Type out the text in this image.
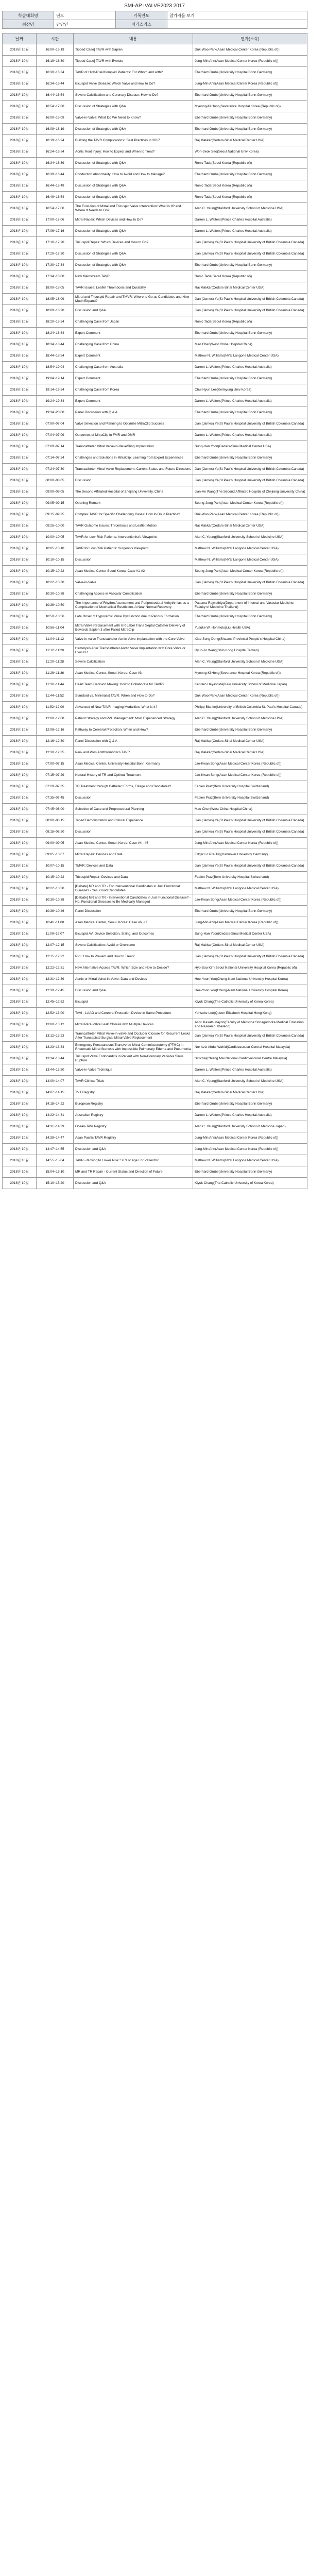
SMI-AP IVALVE2023 2017
학술대회명	년도	기록연도	참가자를 보기
최장명	담당인	어리스리스	
날짜	시간	내용	연자(소속)
2018년 10월	16:00~16:19	Tipped Case] TAVR with Sapien	Duk-Woo Park(Asan Medical Center Korea (Republic of))
2018년 10월	16:19~16:30	Tipped Case] TAVR with Evolute	Jung-Min Ahn(Asan Medical Center Korea (Republic of))
2018년 10월	16:30~16:34	TAVR of High-Risk/Complex Patients: For Whom and with?	Eberhard Grube(University Hospital Bonn Germany)
2018년 10월	16:34~16:44	Bicuspid Valve Disease: Which Valve and How to Do?	Jung-Min Ahn(Asan Medical Center Korea (Republic of))
2018년 10월	16:44~16:54	Severe Calcification and Coronary Disease: How to Do?	Eberhard Grube(University Hospital Bonn Germany)
2018년 10월	16:54~17:00	Discussion of Strategies with Q&A	Myeong-Ki Hong(Severance Hospital Korea (Republic of))
2018년 10월	16:00~16:09	Valve-in-Valve: What Do We Need to Know?	Eberhard Grube(University Hospital Bonn Germany)
2018년 10월	16:09~16:19	Discussion of Strategies with Q&A	Eberhard Grube(University Hospital Bonn Germany)
2018년 10월	16:19~16:24	Building the TAVR Complications: 'Best Practices in 2017'	Raj Makkar(Cedars-Sinai Medical Center USA)
2018년 10월	16:24~16:34	Aortic Root Injury: How to Expect and When to Treat?	Won-Seok Seo(Seoul National Univ Korea)
2018년 10월	16:34~16:39	Discussion of Strategies with Q&A	Ronic Tada(Seoul Korea (Republic of))
2018년 10월	16:39~16:44	Conduction Abnormality: How to Avoid and How to Manage?	Eberhard Grube(University Hospital Bonn Germany)
2018년 10월	16:44~16:49	Discussion of Strategies with Q&A	Ronic Tada(Seoul Korea (Republic of))
2018년 10월	16:49~16:54	Discussion of Strategies with Q&A	Ronic Tada(Seoul Korea (Republic of))
2018년 10월	16:54~17:00	The Evolution of Mitral and Tricuspid Valve Intervention: What is It? and Where It Needs to Go?	Alan C. Yeung(Stanford University School of Medicine USA)
2018년 10월	17:00~17:06	Mitral Repair: Which Devices and How to Do?	Darren L. Walters(Prince Charles Hospital Australia)
2018년 10월	17:06~17:16	Discussion of Strategies with Q&A	Darren L. Walters(Prince Charles Hospital Australia)
2018년 10월	17:16~17:20	Tricuspid Repair: Which Devices and How to Do?	Jian (James) Ye(St Paul's Hospital University of British Columbia Canada)
2018년 10월	17:20~17:30	Discussion of Strategies with Q&A	Jian (James) Ye(St Paul's Hospital University of British Columbia Canada)
2018년 10월	17:30~17:34	Discussion of Strategies with Q&A	Eberhard Grube(University Hospital Bonn Germany)
2018년 10월	17:34~18:00	New Mainstream TAVR	Ronic Tada(Seoul Korea (Republic of))
2018년 10월	18:00~18:05	TAVR Issues: Leaflet Thrombosis and Durability	Raj Makkar(Cedars-Sinai Medical Center USA)
2018년 10월	18:05~18:09	Mitral and Tricuspid Repair and TMVR: Where to Go as Candidates and How Much Expand?	Jian (James) Ye(St Paul's Hospital University of British Columbia Canada)
2018년 10월	18:09~18:20	Discussion and Q&A	Jian (James) Ye(St Paul's Hospital University of British Columbia Canada)
2018년 10월	18:20~18:24	Challenging Case from Japan	Ronic Tada(Seoul Korea (Republic of))
2018년 10월	18:24~18:34	Expert Comment	Eberhard Grube(University Hospital Bonn Germany)
2018년 10월	18:34~18:44	Challenging Case from China	Mao Chen(West China Hospital China)
2018년 10월	18:44~18:54	Expert Comment	Mathew N. Williams(NYU Langone Medical Center USA)
2018년 10월	18:54~19:04	Challenging Case from Australia	Darren L. Walters(Prince Charles Hospital Australia)
2018년 10월	19:04~19:14	Expert Comment	Eberhard Grube(University Hospital Bonn Germany)
2018년 10월	19:14~19:24	Challenging Case from Korea	Chul Hyun Lee(Keimyung Univ Korea)
2018년 10월	19:24~19:34	Expert Comment	Darren L. Walters(Prince Charles Hospital Australia)
2018년 10월	19:34~20:00	Panel Discussion with Q & A	Eberhard Grube(University Hospital Bonn Germany)
2018년 10월	07:00~07:04	Valve Selection and Planning to Optimize MitraClip Success	Jian (James) Ye(St Paul's Hospital University of British Columbia Canada)
2018년 10월	07:04~07:09	Outcomes of MitraClip in FMR and DMR	Darren L. Walters(Prince Charles Hospital Australia)
2018년 10월	07:09~07:14	Transcatheter Mitral Valve-in-Valve/Ring Implantation	Sung-Han Yoon(Cedars-Sinai Medical Center USA)
2018년 10월	07:14~07:24	Challenges and Solutions in MitraClip: Learning from Expert Experiences	Eberhard Grube(University Hospital Bonn Germany)
2018년 10월	07:24~07:30	Transcatheter Mitral Valve Replacement: Current Status and Future Directions	Jian (James) Ye(St Paul's Hospital University of British Columbia Canada)
2018년 10월	08:00~08:05	Discussion	Jian (James) Ye(St Paul's Hospital University of British Columbia Canada)
2018년 10월	09:00~09:05	The Second Affiliated Hospital of Zhejiang University, China	Jian-An Wang(The Second Affiliated Hospital of Zhejiang University China)
2018년 10월	09:05~09:15	Opening Remark	Seung-Jung Park(Asan Medical Center Korea (Republic of))
2018년 10월	09:15~09:25	Complex TAVR for Specific Challenging Cases: How to Do in Practice?	Duk-Woo Park(Asan Medical Center Korea (Republic of))
2018년 10월	09:25~10:00	TAVR Outcome Issues: Thrombosis and Leaflet Motion	Raj Makkar(Cedars-Sinai Medical Center USA)
2018년 10월	10:00~10:05	TAVR for Low-Risk Patients: Interventionist's Viewpoint	Alan C. Yeung(Stanford University School of Medicine USA)
2018년 10월	10:05~10:10	TAVR for Low-Risk Patients: Surgeon's Viewpoint	Mathew N. Williams(NYU Langone Medical Center USA)
2018년 10월	10:10~10:15	Discussion	Mathew N. Williams(NYU Langone Medical Center USA)
2018년 10월	10:15~10:22	Asan Medical Center Seoul Korea: Case #1-#2	Seung-Jung Park(Asan Medical Center Korea (Republic of))
2018년 10월	10:22~10:30	Valve-in-Valve	Jian (James) Ye(St Paul's Hospital University of British Columbia Canada)
2018년 10월	10:30~10:38	Challenging Access in Vascular Complication	Eberhard Grube(University Hospital Bonn Germany)
2018년 10월	10:38~10:50	The Importance of Rhythm Assessment and Periprocedural Arrhythmias as a Complication of Mechanical Restriction, A Near Normal Recovery	Pattama Rajwathiya(Department of Internal and Vascular Medicine, Faculty of Medicine Thailand)
2018년 10월	10:50~10:56	Late Onset of Hypoxemic Valve Dysfunction due to Pannus Formation	Eberhard Grube(University Hospital Bonn Germany)
2018년 10월	10:56~11:04	Mitral Valve Replacement with UR Label Trans Septal Catheter Delivery of Edwards Sapien 3 after Failed MitraClip	Yusuke W. Horimoto(Liu Health USA)
2018년 10월	11:04~11:12	Valve-in-valve Transcatheter Aortic Valve Implantation with the Core Valve	Xiao-Song Dong(Shaanxi Provincial People's Hospital China)
2018년 10월	11:12~11:20	Hemolysis After Transcatheter Aortic Valve Implantation with Core Valve or Evolut R	Hyun-Jo Wang(Shin Kong Hospital Taiwan)
2018년 10월	11:20~11:28	Severe Calcification	Alan C. Yeung(Stanford University School of Medicine USA)
2018년 10월	11:28~11:36	Asan Medical Center, Seoul, Korea: Case #3	Myeong-Ki Hong(Severance Hospital Korea (Republic of))
2018년 10월	11:36~11:44	Heart Team Decision Making: How to Collaborate for TAVR?	Kentaro Hayashida(Keio University School of Medicine Japan)
2018년 10월	11:44~11:52	Standard vs. Minimalist TAVR: When and How to Do?	Duk-Woo Park(Asan Medical Center Korea (Republic of))
2018년 10월	11:52~12:00	Advanced of New TAVR Imaging Modalities: What is It?	Philipp Blanke(University of British Columbia St. Paul's Hospital Canada)
2018년 10월	12:00~12:08	Patient Strategy and PVL Management: Most Experienced Strategy	Alan C. Yeung(Stanford University School of Medicine USA)
2018년 10월	12:08~12:16	Pathway to Cerebral Protection: When and How?	Eberhard Grube(University Hospital Bonn Germany)
2018년 10월	12:16~12:30	Panel Discussion with Q & A	Raj Makkar(Cedars-Sinai Medical Center USA)
2018년 10월	12:30~12:35	Peri- and Post-Antithrombotics TAVR	Raj Makkar(Cedars-Sinai Medical Center USA)
2018년 10월	07:00~07:15	Asan Medical Center, University Hospital Bonn, Germany	Jae-Kwan Song(Asan Medical Center Korea (Republic of))
2018년 10월	07:15~07:29	Natural History of TR and Optimal Treatment	Jae-Kwan Song(Asan Medical Center Korea (Republic of))
2018년 10월	07:29~07:35	TR Treatment through Catheter: Forms, Trilage and Candidates?	Fabien Praz(Bern University Hospital Switzerland)
2018년 10월	07:35~07:45	Discussion	Fabien Praz(Bern University Hospital Switzerland)
2018년 10월	07:45~08:00	Selection of Case and Preprocedural Planning	Mao Chen(West China Hospital China)
2018년 10월	08:00~08:15	Taped Demonstration and Clinical Experience	Jian (James) Ye(St Paul's Hospital University of British Columbia Canada)
2018년 10월	08:15~08:20	Discussion	Jian (James) Ye(St Paul's Hospital University of British Columbia Canada)
2018년 10월	09:00~09:05	Asan Medical Center, Seoul, Korea: Case #4 - #5	Jung-Min Ahn(Asan Medical Center Korea (Republic of))
2018년 10월	09:05~10:07	Mitral Repair: Devices and Data	Edgar Lo Pre-Tiig(Hannover University Germany)
2018년 10월	10:07~10:15	TMVR: Devices and Data	Jian (James) Ye(St Paul's Hospital University of British Columbia Canada)
2018년 10월	10:15~10:22	Tricuspid Repair: Devices and Data	Fabien Praz(Bern University Hospital Switzerland)
2018년 10월	10:22~10:30	[Debate] MR and TR - For Interventional Candidates in Just Functional Disease? - Yes, Good Candidates!	Mathew N. Williams(NYU Langone Medical Center USA)
2018년 10월	10:30~10:38	[Debate] MR and TR - Interventional Candidates in Just Functional Disease? - No, Functional Diseases to Be Medically Managed	Jae-Kwan Song(Asan Medical Center Korea (Republic of))
2018년 10월	10:38~10:46	Panel Discussion	Eberhard Grube(University Hospital Bonn Germany)
2018년 10월	10:46~11:00	Asan Medical Center, Seoul, Korea: Case #6, #7	Jung-Min Ahn(Asan Medical Center Korea (Republic of))
2018년 10월	11:00~12:07	Bicuspid AV: Device Selection, Sizing, and Outcomes	Sung-Han Yoon(Cedars-Sinai Medical Center USA)
2018년 10월	12:07~12:15	Severe Calcification: Avoid or Overcome	Raj Makkar(Cedars-Sinai Medical Center USA)
2018년 10월	12:15~12:22	PVL: How to Prevent and How to Treat?	Jian (James) Ye(St Paul's Hospital University of British Columbia Canada)
2018년 10월	12:22~12:31	New Alternative Access TAVR: Which Size and How to Decide?	Hyo-Soo Kim(Seoul National University Hospital Korea (Republic of))
2018년 10월	12:31~12:39	Aortic or Mitral Valve-in-Valve: Data and Devices	Hee-Yoon Yoo(Chung-Nam National University Hospital Korea)
2018년 10월	12:39~12:45	Discussion and Q&A	Hee-Yoon Yoo(Chung-Nam National University Hospital Korea)
2018년 10월	12:45~12:52	Bicuspid	Kiyuk Chang(The Catholic University of Korea Korea)
2018년 10월	12:52~13:00	TAVI - LAAO and Cerebral Protection Device in Same Procedure	Yohsuke Lee(Queen Elizabeth Hospital Hong Kong)
2018년 10월	13:00~13:12	Mitral Para-Valve Leak Closure with Multiple Devices	Aspr. Kasatsunāyon(Faculty of Medicine Srinagarindra Medical Education and Research Thailand)
2018년 10월	13:12~13:23	Transcatheter Mitral Valve-in-valve and Occluder Closure for Recurrent Leaks After Transapical Surgical Mitral Valve Replacement	Jian (James) Ye(St Paul's Hospital University of British Columbia Canada)
2018년 10월	13:23~13:34	Emergency Percutaneous Transverse Mitral Commissurotomy (PTMC) in Rheumatic Mitral Stenosis with Impossible Pulmonary Edema and Pneumonia	Nor Aziz Abdul Wahid(Cardiovascular Central Hospital Malaysia)
2018년 10월	13:34~13:44	Tricuspid Valve Endocarditis in Patient with Non-Coronary Valsalva Sinus Rupture	Sittichai(Chiang Mai National Cardiovascular Centre Malaysia)
2018년 10월	13:44~13:50	Valve-in-Valve Technique	Darren L. Walters(Prince Charles Hospital Australia)
2018년 10월	14:00~14:07	TAVR Clinical Trials	Alan C. Yeung(Stanford University School of Medicine USA)
2018년 10월	14:07~14:15	TVT Registry	Raj Makkar(Cedars-Sinai Medical Center USA)
2018년 10월	14:15~14:22	European Registry	Eberhard Grube(University Hospital Bonn Germany)
2018년 10월	14:22~14:31	Australian Registry	Darren L. Walters(Prince Charles Hospital Australia)
2018년 10월	14:31~14:39	Ocean-TAVI Registry	Alan C. Yeung(Stanford University School of Medicine Japan)
2018년 10월	14:39~14:47	Asan Pacific TAVR Registry	Jung-Min Ahn(Asan Medical Center Korea (Republic of))
2018년 10월	14:47~14:55	Discussion and Q&A	Jung-Min Ahn(Asan Medical Center Korea (Republic of))
2018년 10월	14:55~15:04	TAVR - Moving to Lower Risk: STS or Age For Patients?	Mathew N. Williams(NYU Langone Medical Center USA)
2018년 10월	15:04~15:10	MR and TR Repair - Current Status and Direction of Future	Eberhard Grube(University Hospital Bonn Germany)
2018년 10월	15:10~15:20	Discussion and Q&A	Kiyuk Chang(The Catholic University of Korea Korea)
